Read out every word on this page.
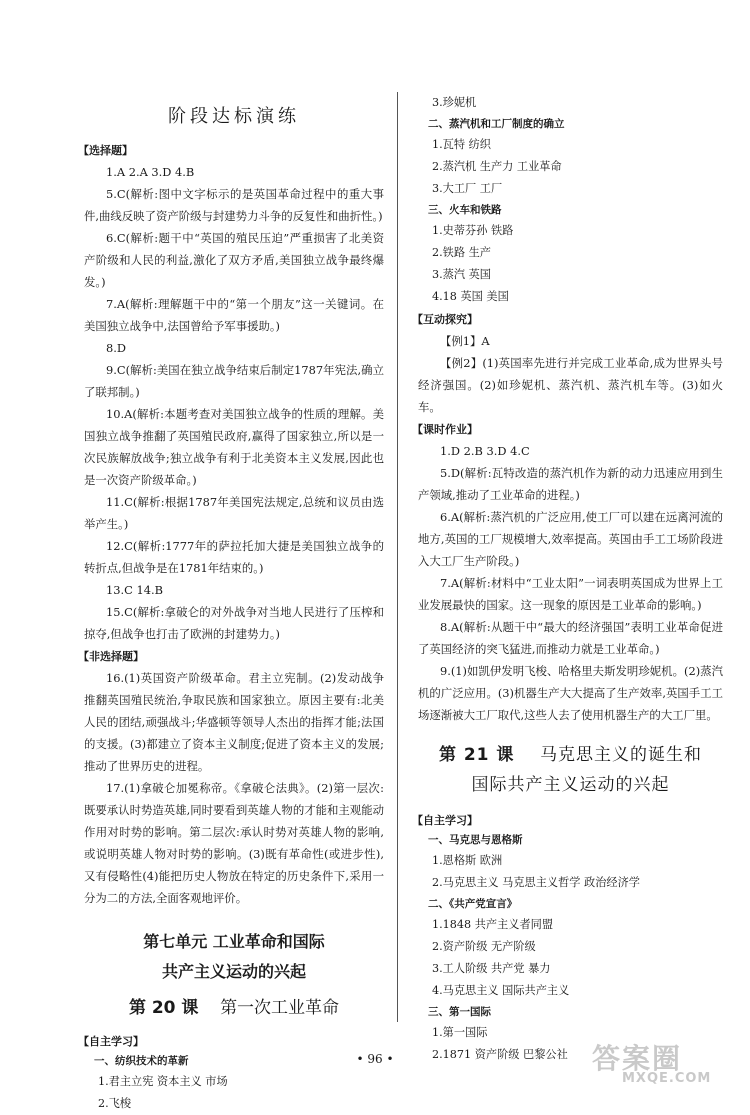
阶段达标演练
【选择题】

1.A 2.A 3.D 4.B

5.C(解析:图中文字标示的是英国革命过程中的重大事件,曲线反映了资产阶级与封建势力斗争的反复性和曲折性。)

6.C(解析:题干中“英国的殖民压迫”严重损害了北美资产阶级和人民的利益,激化了双方矛盾,美国独立战争最终爆发。)

7.A(解析:理解题干中的“第一个朋友”这一关键词。在美国独立战争中,法国曾给予军事援助。)

8.D

9.C(解析:美国在独立战争结束后制定1787年宪法,确立了联邦制。)

10.A(解析:本题考查对美国独立战争的性质的理解。美国独立战争推翻了英国殖民政府,赢得了国家独立,所以是一次民族解放战争;独立战争有利于北美资本主义发展,因此也是一次资产阶级革命。)

11.C(解析:根据1787年美国宪法规定,总统和议员由选举产生。)

12.C(解析:1777年的萨拉托加大捷是美国独立战争的转折点,但战争是在1781年结束的。)

13.C 14.B

15.C(解析:拿破仑的对外战争对当地人民进行了压榨和掠夺,但战争也打击了欧洲的封建势力。)

【非选择题】

16.(1)英国资产阶级革命。君主立宪制。(2)发动战争推翻英国殖民统治,争取民族和国家独立。原因主要有:北美人民的团结,顽强战斗;华盛顿等领导人杰出的指挥才能;法国的支援。(3)都建立了资本主义制度;促进了资本主义的发展;推动了世界历史的进程。

17.(1)拿破仑加冕称帝。《拿破仑法典》。(2)第一层次:既要承认时势造英雄,同时要看到英雄人物的才能和主观能动作用对时势的影响。第二层次:承认时势对英雄人物的影响,或说明英雄人物对时势的影响。(3)既有革命性(或进步性),又有侵略性(4)能把历史人物放在特定的历史条件下,采用一分为二的方法,全面客观地评价。

第七单元 工业革命和国际
共产主义运动的兴起
第 20 课 第一次工业革命
【自主学习】
一、纺织技术的革新

1.君主立宪 资本主义 市场

2.飞梭

3.珍妮机

二、蒸汽机和工厂制度的确立

1.瓦特 纺织

2.蒸汽机 生产力 工业革命

3.大工厂 工厂

三、火车和铁路

1.史蒂芬孙 铁路

2.铁路 生产

3.蒸汽 英国

4.18 英国 美国

【互动探究】

【例1】A

【例2】(1)英国率先进行并完成工业革命,成为世界头号经济强国。(2)如珍妮机、蒸汽机、蒸汽机车等。(3)如火车。

【课时作业】

1.D 2.B 3.D 4.C

5.D(解析:瓦特改造的蒸汽机作为新的动力迅速应用到生产领域,推动了工业革命的进程。)

6.A(解析:蒸汽机的广泛应用,使工厂可以建在远离河流的地方,英国的工厂规模增大,效率提高。英国由手工工场阶段进入大工厂生产阶段。)

7.A(解析:材料中“工业太阳”一词表明英国成为世界上工业发展最快的国家。这一现象的原因是工业革命的影响。)

8.A(解析:从题干中“最大的经济强国”表明工业革命促进了英国经济的突飞猛进,而推动力就是工业革命。)

9.(1)如凯伊发明飞梭、哈格里夫斯发明珍妮机。(2)蒸汽机的广泛应用。(3)机器生产大大提高了生产效率,英国手工工场逐渐被大工厂取代,这些人去了使用机器生产的大工厂里。

第 21 课 马克思主义的诞生和
国际共产主义运动的兴起
【自主学习】
一、马克思与恩格斯

1.恩格斯 欧洲

2.马克思主义 马克思主义哲学 政治经济学

二、《共产党宣言》

1.1848 共产主义者同盟

2.资产阶级 无产阶级

3.工人阶级 共产党 暴力

4.马克思主义 国际共产主义

三、第一国际

1.第一国际

2.1871 资产阶级 巴黎公社

• 96 •	答案圈
MXQE.COM
